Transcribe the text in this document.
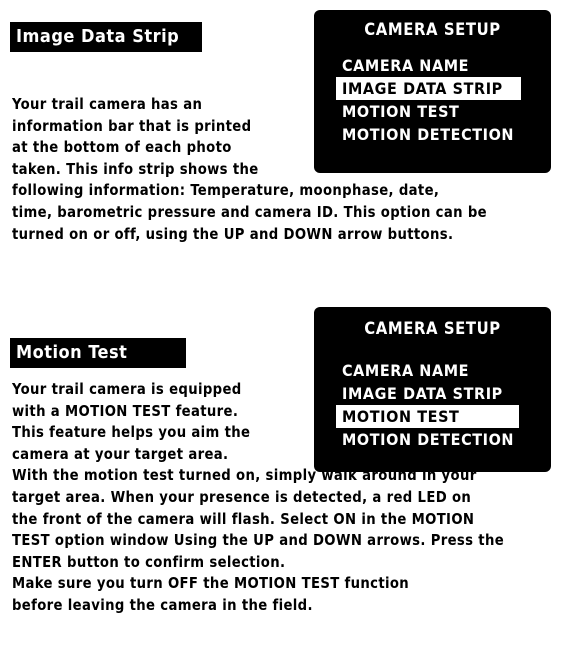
Image Data Strip	CAMERA SETUP
CAMERA NAME
IMAGE DATA STRIP
MOTION TEST
MOTION DETECTION

Your trail camera has an
information bar that is printed
at the bottom of each photo
taken. This info strip shows the
following information: Temperature, moonphase, date,
time, barometric pressure and camera ID. This option can be
turned on or off, using the UP and DOWN arrow buttons.

Motion Test
CAMERA SETUP
CAMERA NAME
IMAGE DATA STRIP
MOTION TEST
MOTION DETECTION

Your trail camera is equipped
with a MOTION TEST feature.
This feature helps you aim the
camera at your target area.
With the motion test turned on, simply walk around in your
target area. When your presence is detected, a red LED on
the front of the camera will flash. Select ON in the MOTION
TEST option window Using the UP and DOWN arrows. Press the
ENTER button to confirm selection.
Make sure you turn OFF the MOTION TEST function
before leaving the camera in the field.
